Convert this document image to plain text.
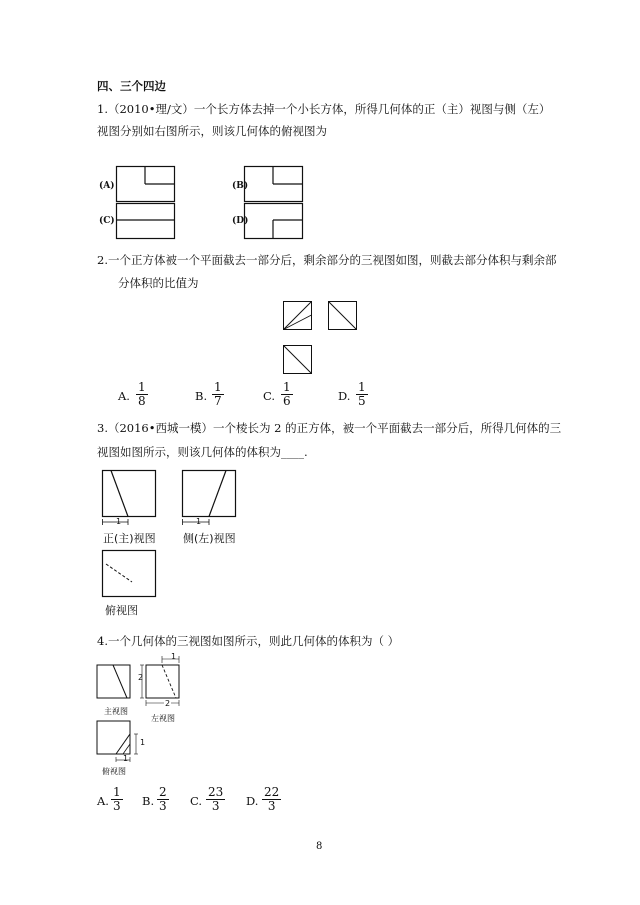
四、三个四边
1.（2010•理/文）一个长方体去掉一个小长方体，所得几何体的正（主）视图与侧（左）
视图分别如右图所示，则该几何体的俯视图为
(A)	(B)
(C)	(D)
2.一个正方体被一个平面截去一部分后，剩余部分的三视图如图，则截去部分体积与剩余部
分体积的比值为
A. $\frac{1}{8}$	B. $\frac{1}{7}$	C. $\frac{1}{6}$	D. $\frac{1}{5}$
3.（2016•西城一模）一个棱长为 2 的正方体，被一个平面截去一部分后，所得几何体的三
视图如图所示，则该几何体的体积为____.
1
正(主)视图
1
侧(左)视图
俯视图
4.一个几何体的三视图如图所示，则此几何体的体积为（ ）
1
2
2
主视图
左视图
1
1
俯视图
A. $\frac{1}{3} B$. $\frac{2}{3} C$. $\frac{23}{3} D$. $\frac{22}{3}$
8
